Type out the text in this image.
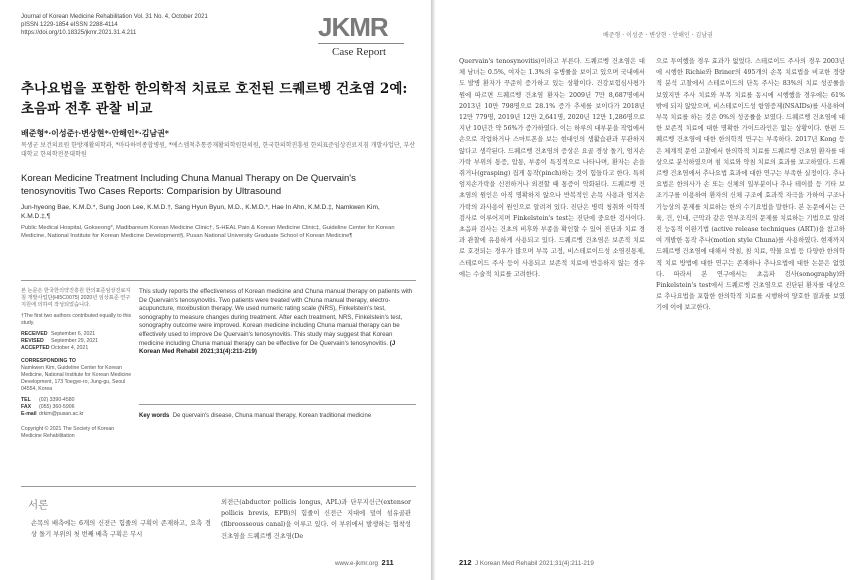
Journal of Korean Medicine Rehabilitation Vol. 31 No. 4, October 2021
pISSN 1229-1854 eISSN 2288-4114
https://doi.org/10.18325/jkmr.2021.31.4.211	JKMR
Case Report
추나요법을 포함한 한의학적 치료로 호전된 드퀘르벵 건초염 2예: 초음파 전후 관찰 비교
배준형*·이성준†·변상현*·안해인*·김남권*
목생군 보건의료원 한방재활의학과, *마다하비종합병원, *에스엠척추통증재활의학원한의원, 한국한의학진흥원 한의표준임상진료지침 개발사업단, 부산대학교 한의학전문대학원
Korean Medicine Treatment Including Chuna Manual Therapy on De Quervain's tenosynovitis Two Cases Reports: Comparision by Ultrasound
Jun-hyeong Bae, K.M.D.*, Sung Joon Lee, K.M.D.†, Sang Hyun Byun, M.D., K.M.D.*, Hae In Ahn, K.M.D.‡, Namkwen Kim, K.M.D.‡,¶
Public Medical Hospital, Gokseong*, Madibareum Korean Medicine Clinic†, S-HEAL Pain & Korean Medicine Clinic‡, Guideline Center for Korean Medicine, National Institute for Korean Medicine Development§, Pusan National University Graduate School of Korean Medicine¶
본 논문은 한국한의약진흥원 한의표준임상진료지침 개발사업단(HI5C0075) 2020년 임상표준 연구 지원에 의하여 작성되었습니다.
†The first two authors contributed equally to this study.
RECEIVED September 6, 2021
REVISED September 29, 2021
ACCEPTEDOctober 4, 2021
CORRESPONDING TO
Namkwen Kim, Guideline Center for Korean Medicine, National Institute for Korean Medicine Development, 173 Toegye-ro, Jung-gu, Seoul 04554, Korea
TEL (02) 3390-4580
FAX (055) 360-5906
E-mail drkim@pusan.ac.kr
Copyright © 2021 The Society of Korean Medicine Rehabilitation
This study reports the effectiveness of Korean medicine and Chuna manual therapy on patients with De Quervain's tenosynovitis. Two patients were treated with Chuna manual therapy, electro-acupuncture, moxibustion therapy. We used numeric rating scale (NRS), Finkelstein's test, sonography to measure changes during treatment. After each treatment, NRS, Finkelstein's test, sonography outcome were improved. Korean medicine including Chuna manual therapy can be effectively used to improve De Quervain's tenosynovitis. This study may suggest that Korean medicine including Chuna manual therapy can be effective for De Quervain's tenosynovitis. (J Korean Med Rehabil 2021;31(4):211-219)
Key words De quervain's disease, Chuna manual therapy, Korean traditional medicine
서론
손목의 배측에는 6개의 신전근 힘줄의 구획이 존재하고, 요측 경상 돌기 부위의 첫 번째 배측 구획은 무시
외전근(abductor pollicis longus, APL)과 단무지신근(extensor pollicis brevis, EPB)의 힘줄이 신전근 지대에 덮여 섬유골관(fibroosseous canal)을 이루고 있다. 이 부위에서 발생하는 협착성 건초염을 드퀘르벵 건초염(De
www.e-jkmr.org 211
배준형 · 이성준 · 변상현 · 안해인 · 김남권
Quervain's tenosynovitis)이라고 부른다. 드퀘르벵 건초염은 대체 남녀는 0.5%, 여자는 1.3%의 유병률을 보이고 있으며 국내에서도 발병 환자가 꾸준히 증가하고 있는 상황이다. 건강보험심사평가원에 따르면 드퀘르벵 건초염 환자는 2009년 7만 8,687명에서 2013년 10만 798명으로 28.1% 증가 추세를 보이다가 2018년 12만 779명, 2019년 12만 2,641명, 2020년 12만 1,286명으로 지난 10년간 약 56%가 증가하였다. 이는 하루의 대부분을 작업에서 손으로 작업하거나 스마트폰을 보는 현대인의 생활습관과 무관하지 않다고 생각된다. 드퀘르벵 건초염의 증상은 요골 경상 돌기, 엄지손가락 부위의 통증, 압통, 부종이 특징적으로 나타나며, 환자는 손을 쥐거나(grasping) 집게 동작(pinch)하는 것이 힘들다고 한다. 특히 엄지손가락을 신전하거나 외전할 때 통증이 악화된다. 드퀘르벵 건초염의 원인은 아직 명확하지 않으나 반복적인 손목 사용과 엄지손가락의 과사용이 원인으로 알려져 있다. 진단은 병력 청취와 이학적 검사로 이루어지며 Finkelstein's test는 진단에 중요한 검사이다. 초음파 검사는 건초의 비후와 부종을 확인할 수 있어 진단과 치료 경과 관찰에 유용하게 사용되고 있다. 드퀘르벵 건초염은 보존적 치료로 호전되는 경우가 많으며 부목 고정, 비스테로이드성 소염진통제, 스테로이드 주사 등이 사용되고 보존적 치료에 반응하지 않는 경우에는 수술적 치료를 고려한다.
으로 투여했을 경우 효과가 없었다. 스테로이드 주사의 경우 2003년에 시행한 Richie와 Briner의 495개의 손목 치료법을 비교한 정량적 분석 고찰에서 스테로이드의 단독 주사는 83%의 치료 성공률을 보였지만 주사 치료와 부목 치료를 동시에 시행했을 경우에는 61% 밖에 되지 않았으며, 비스테로이드성 항염증제(NSAIDs)를 사용하여 부목 치료를 하는 것은 0%의 성공률을 보였다. 드퀘르벵 건초염에 대한 보존적 치료에 대한 명확한 가이드라인은 없는 상황이다. 한편 드퀘르벵 건초염에 대한 한의학적 연구는 부족하다. 2017년 Kong 등은 체계적 문헌 고찰에서 한의학적 치료를 드퀘르벵 건초염 환자를 대상으로 분석하였으며 침 치료와 약침 치료의 효과를 보고하였다. 드퀘르벵 건초염에서 추나요법 효과에 대한 연구는 부족한 실정이다. 추나요법은 한의사가 손 또는 신체의 일부분이나 추나 테이블 등 기타 보조기구를 이용하여 환자의 신체 구조에 효과적 자극을 가하여 구조나 기능상의 문제를 치료하는 한의 수기요법을 말한다. 본 논문에서는 근육, 건, 인대, 근막과 같은 연부조직의 문제를 치료하는 기법으로 알려진 능동적 이완기법 (active release techniques (ART))을 참고하여 개발한 동작 추나(motion style Chuna)를 사용하였다. 현재까지 드퀘르벵 건초염에 대해서 약침, 침 치료, 약물 요법 등 다양한 한의학적 치료 방법에 대한 연구는 존재하나 추나요법에 대한 논문은 없었다. 따라서 본 연구에서는 초음파 검사(sonography)와 Finkelstein's test에서 드퀘르벵 건초염으로 진단된 환자를 대상으로 추나요법을 포함한 한의학적 치료를 시행하여 양호한 결과를 보였기에 이에 보고한다.
212 J Korean Med Rehabil 2021;31(4):211-219
